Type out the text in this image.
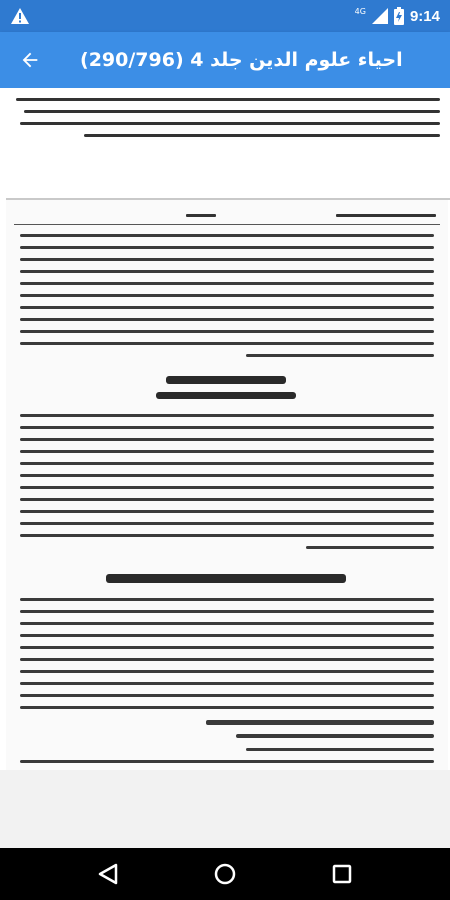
4G	9:14
احیاء علوم الدین جلد 4 (290/796)
